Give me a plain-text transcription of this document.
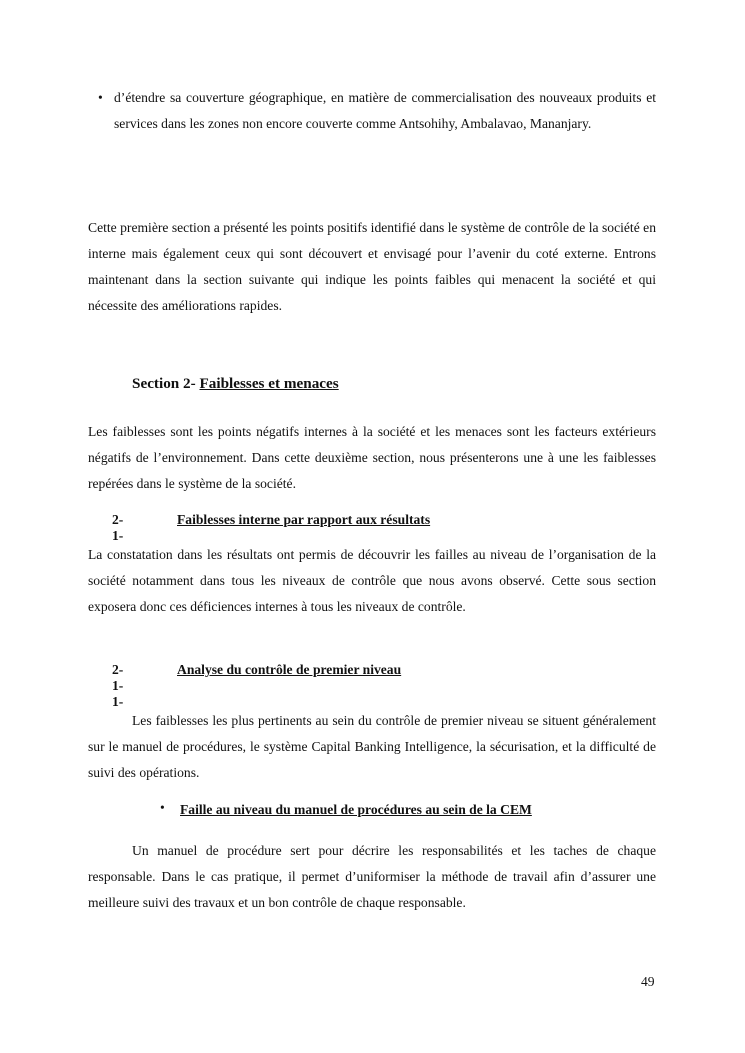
• d’étendre sa couverture géographique, en matière de commercialisation des nouveaux produits et services dans les zones non encore couverte comme Antsohihy, Ambalavao, Mananjary.

Cette première section a présenté les points positifs identifié dans le système de contrôle de la société en interne mais également ceux qui sont découvert et envisagé pour l’avenir du coté externe. Entrons maintenant dans la section suivante qui indique les points faibles qui menacent la société et qui nécessite des améliorations rapides.

Section 2- Faiblesses et menaces

Les faiblesses sont les points négatifs internes à la société et les menaces sont les facteurs extérieurs négatifs de l’environnement. Dans cette deuxième section, nous présenterons une à une les faiblesses repérées dans le système de la société.

2-1-
Faiblesses interne par rapport aux résultats

La constatation dans les résultats ont permis de découvrir les failles au niveau de l’organisation de la société notamment dans tous les niveaux de contrôle que nous avons observé. Cette sous section exposera donc ces déficiences internes à tous les niveaux de contrôle.

2-1-1-
Analyse du contrôle de premier niveau

Les faiblesses les plus pertinents au sein du contrôle de premier niveau se situent généralement sur le manuel de procédures, le système Capital Banking Intelligence, la sécurisation, et la difficulté de suivi des opérations.

• Faille au niveau du manuel de procédures au sein de la CEM

Un manuel de procédure sert pour décrire les responsabilités et les taches de chaque responsable. Dans le cas pratique, il permet d’uniformiser la méthode de travail afin d’assurer une meilleure suivi des travaux et un bon contrôle de chaque responsable.

49
